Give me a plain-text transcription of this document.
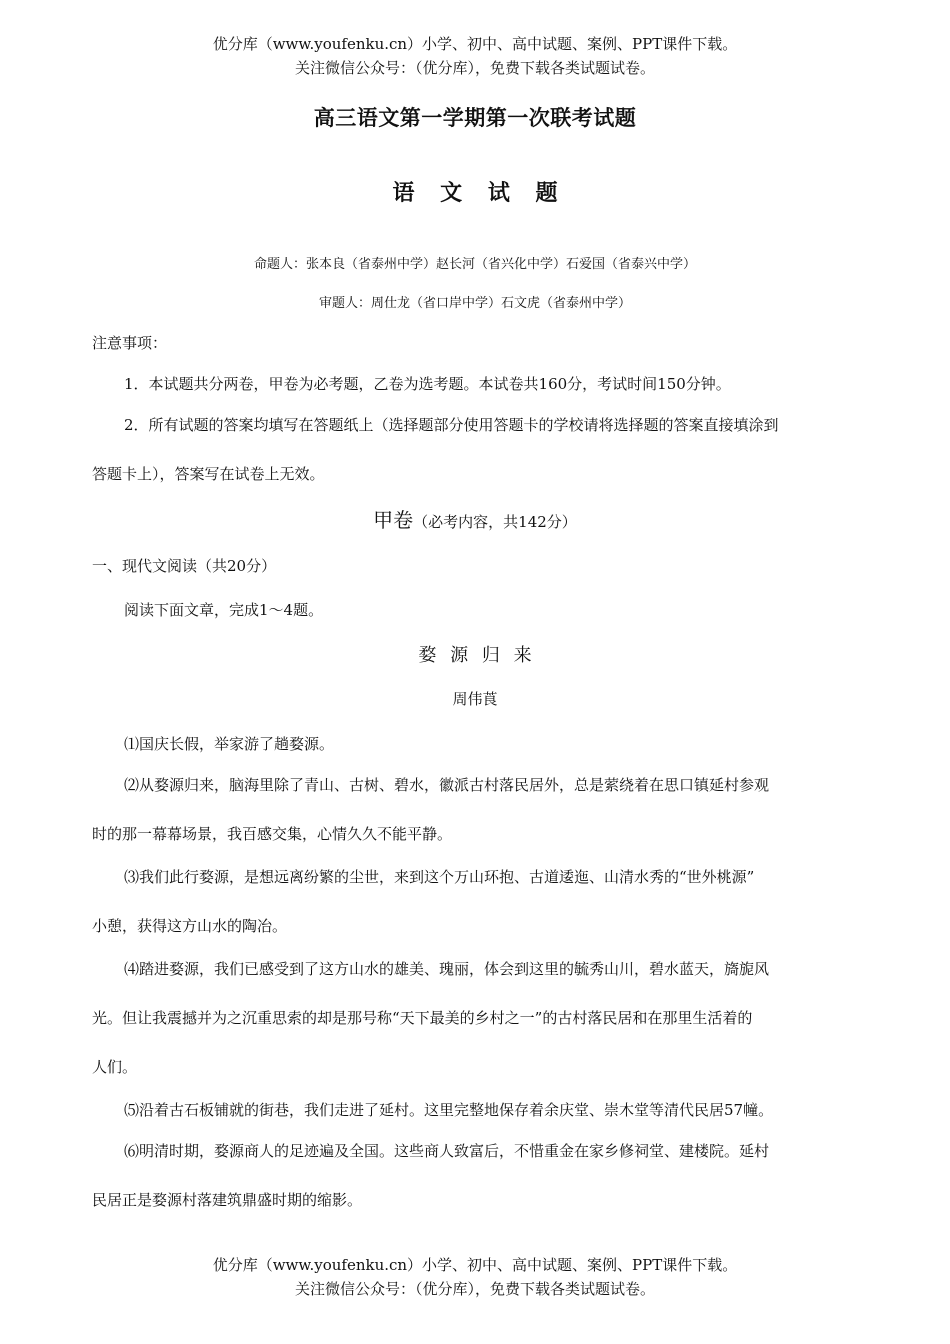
优分库（www.youfenku.cn）小学、初中、高中试题、案例、PPT课件下载。
关注微信公众号：（优分库），免费下载各类试题试卷。
高三语文第一学期第一次联考试题
语 文 试 题
命题人：张本良（省泰州中学）赵长河（省兴化中学）石爱国（省泰兴中学）
审题人：周仕龙（省口岸中学）石文虎（省泰州中学）
注意事项：
1．本试题共分两卷，甲卷为必考题，乙卷为选考题。本试卷共160分，考试时间150分钟。
2．所有试题的答案均填写在答题纸上（选择题部分使用答题卡的学校请将选择题的答案直接填涂到
答题卡上），答案写在试卷上无效。
甲卷（必考内容，共142分）
一、现代文阅读（共20分）
阅读下面文章，完成1～4题。
婺 源 归 来
周伟莨
⑴国庆长假，举家游了趟婺源。
⑵从婺源归来，脑海里除了青山、古树、碧水，徽派古村落民居外，总是萦绕着在思口镇延村参观
时的那一幕幕场景，我百感交集，心情久久不能平静。
⑶我们此行婺源，是想远离纷繁的尘世，来到这个万山环抱、古道逶迤、山清水秀的“世外桃源”
小憩，获得这方山水的陶冶。
⑷踏进婺源，我们已感受到了这方山水的雄美、瑰丽，体会到这里的毓秀山川，碧水蓝天，旖旎风
光。但让我震撼并为之沉重思索的却是那号称“天下最美的乡村之一”的古村落民居和在那里生活着的
人们。
⑸沿着古石板铺就的街巷，我们走进了延村。这里完整地保存着余庆堂、崇木堂等清代民居57幢。
⑹明清时期，婺源商人的足迹遍及全国。这些商人致富后，不惜重金在家乡修祠堂、建楼院。延村
民居正是婺源村落建筑鼎盛时期的缩影。
优分库（www.youfenku.cn）小学、初中、高中试题、案例、PPT课件下载。
关注微信公众号：（优分库），免费下载各类试题试卷。
